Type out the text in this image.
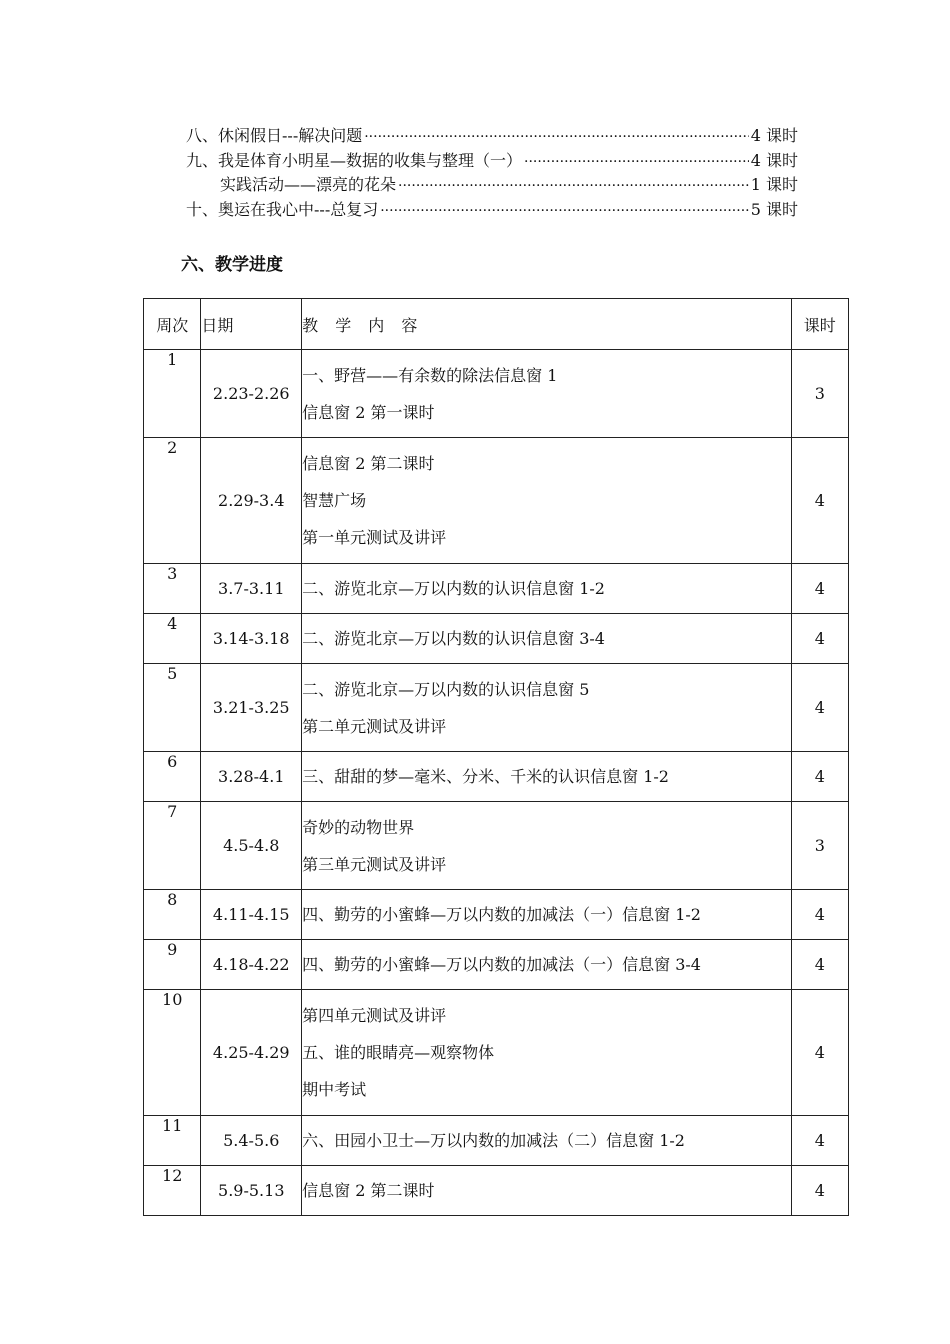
八、休闲假日---解决问题 ·····	4 课时
九、我是体育小明星—数据的收集与整理（一） ·····	4 课时
实践活动——漂亮的花朵 ·····	1 课时
十、奥运在我心中---总复习 ·····	5 课时
六、教学进度
周次	日期	教 学 内 容	课时
1	2.23-2.26	一、野营——有余数的除法信息窗 1
信息窗 2 第一课时	3
2	2.29-3.4	信息窗 2 第二课时
智慧广场
第一单元测试及讲评	4
3	3.7-3.11	二、游览北京—万以内数的认识信息窗 1-2	4
4	3.14-3.18	二、游览北京—万以内数的认识信息窗 3-4	4
5	3.21-3.25	二、游览北京—万以内数的认识信息窗 5
第二单元测试及讲评	4
6	3.28-4.1	三、甜甜的梦—毫米、分米、千米的认识信息窗 1-2	4
7	4.5-4.8	奇妙的动物世界
第三单元测试及讲评	3
8	4.11-4.15	四、勤劳的小蜜蜂—万以内数的加减法（一）信息窗 1-2	4
9	4.18-4.22	四、勤劳的小蜜蜂—万以内数的加减法（一）信息窗 3-4	4
10	4.25-4.29	第四单元测试及讲评
五、谁的眼睛亮—观察物体
期中考试	4
11	5.4-5.6	六、田园小卫士—万以内数的加减法（二）信息窗 1-2	4
12	5.9-5.13	信息窗 2 第二课时	4
